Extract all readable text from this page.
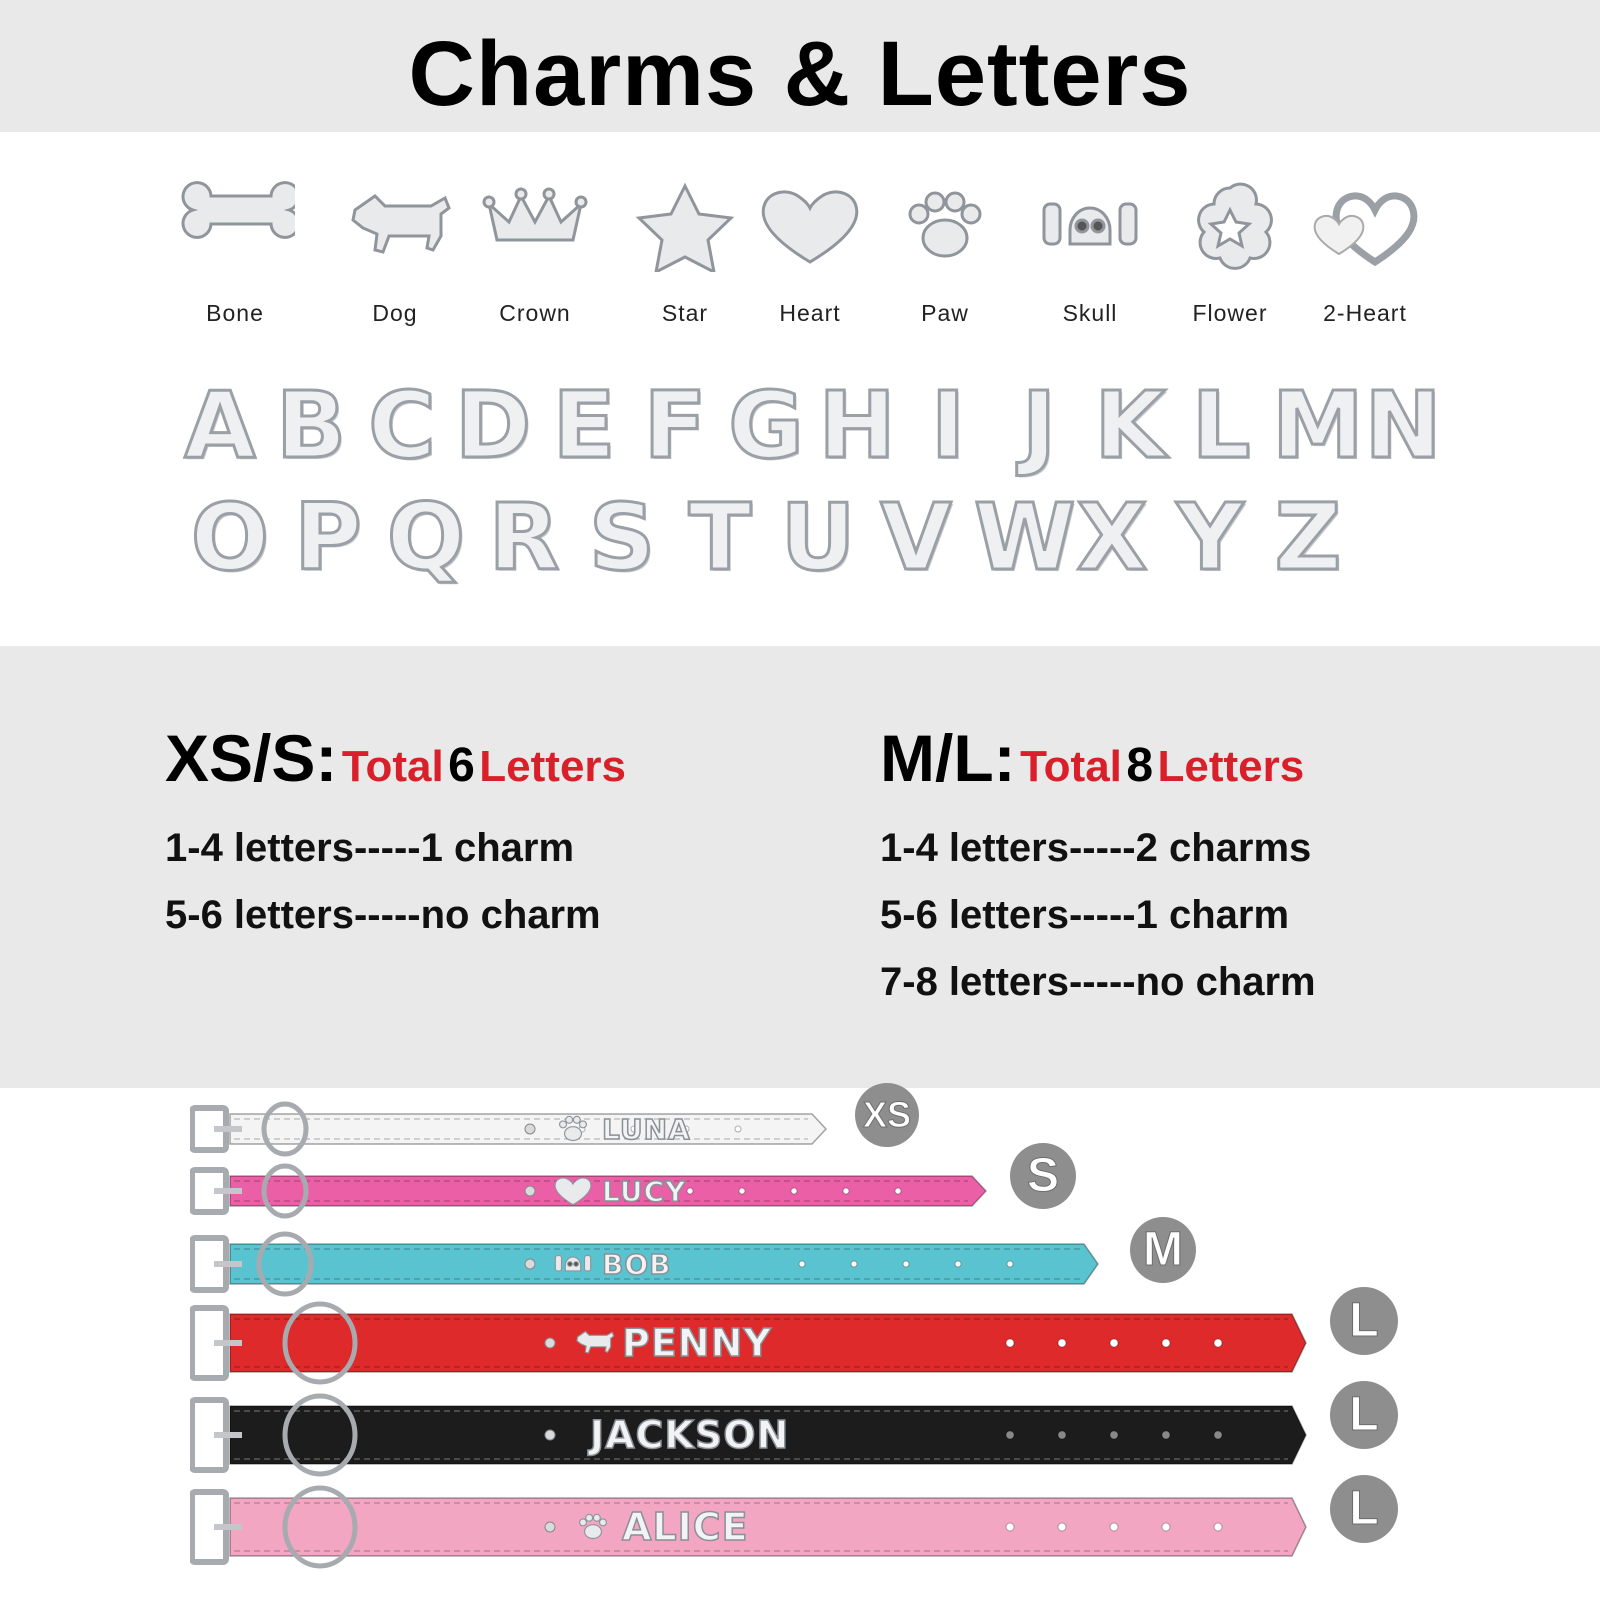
Charms & Letters
Bone	Dog	Crown	Star	Heart	Paw	Skull	Flower	2-Heart
A B C D E F G H I J K L M N
O P Q R S T U V W X Y Z
XS/S: Total 6 Letters
1-4 letters-----1 charm
5-6 letters-----no charm
M/L: Total 8 Letters
1-4 letters-----2 charms
5-6 letters-----1 charm
7-8 letters-----no charm
LUNA	XS
LUCY	S
BOB	M
PENNY	L
JACKSON	L
ALICE	L
